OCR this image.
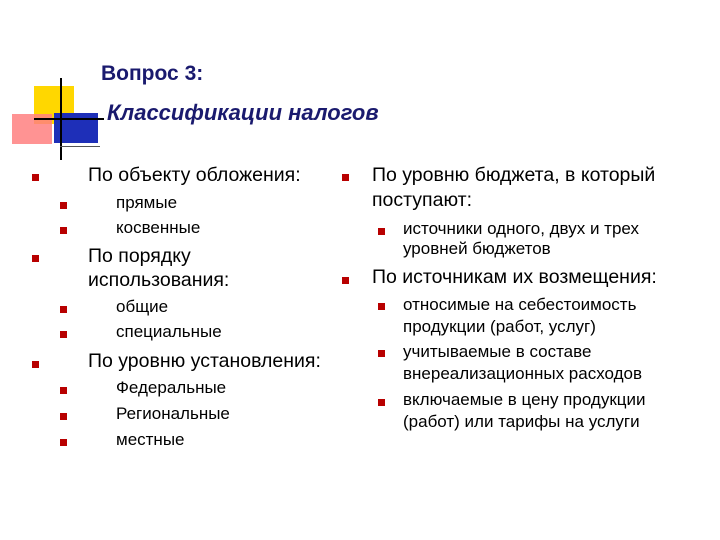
Вопрос 3:
Классификации налогов
По объекту обложения:
прямые
косвенные
По порядку
использования:
общие
специальные
По уровню установления:
Федеральные
Региональные
местные
По уровню бюджета, в который
поступают:
источники одного, двух и трех
уровней бюджетов
По источникам их возмещения:
относимые на себестоимость
продукции (работ, услуг)
учитываемые в составе
внереализационных расходов
включаемые в цену продукции
(работ) или тарифы на услуги
